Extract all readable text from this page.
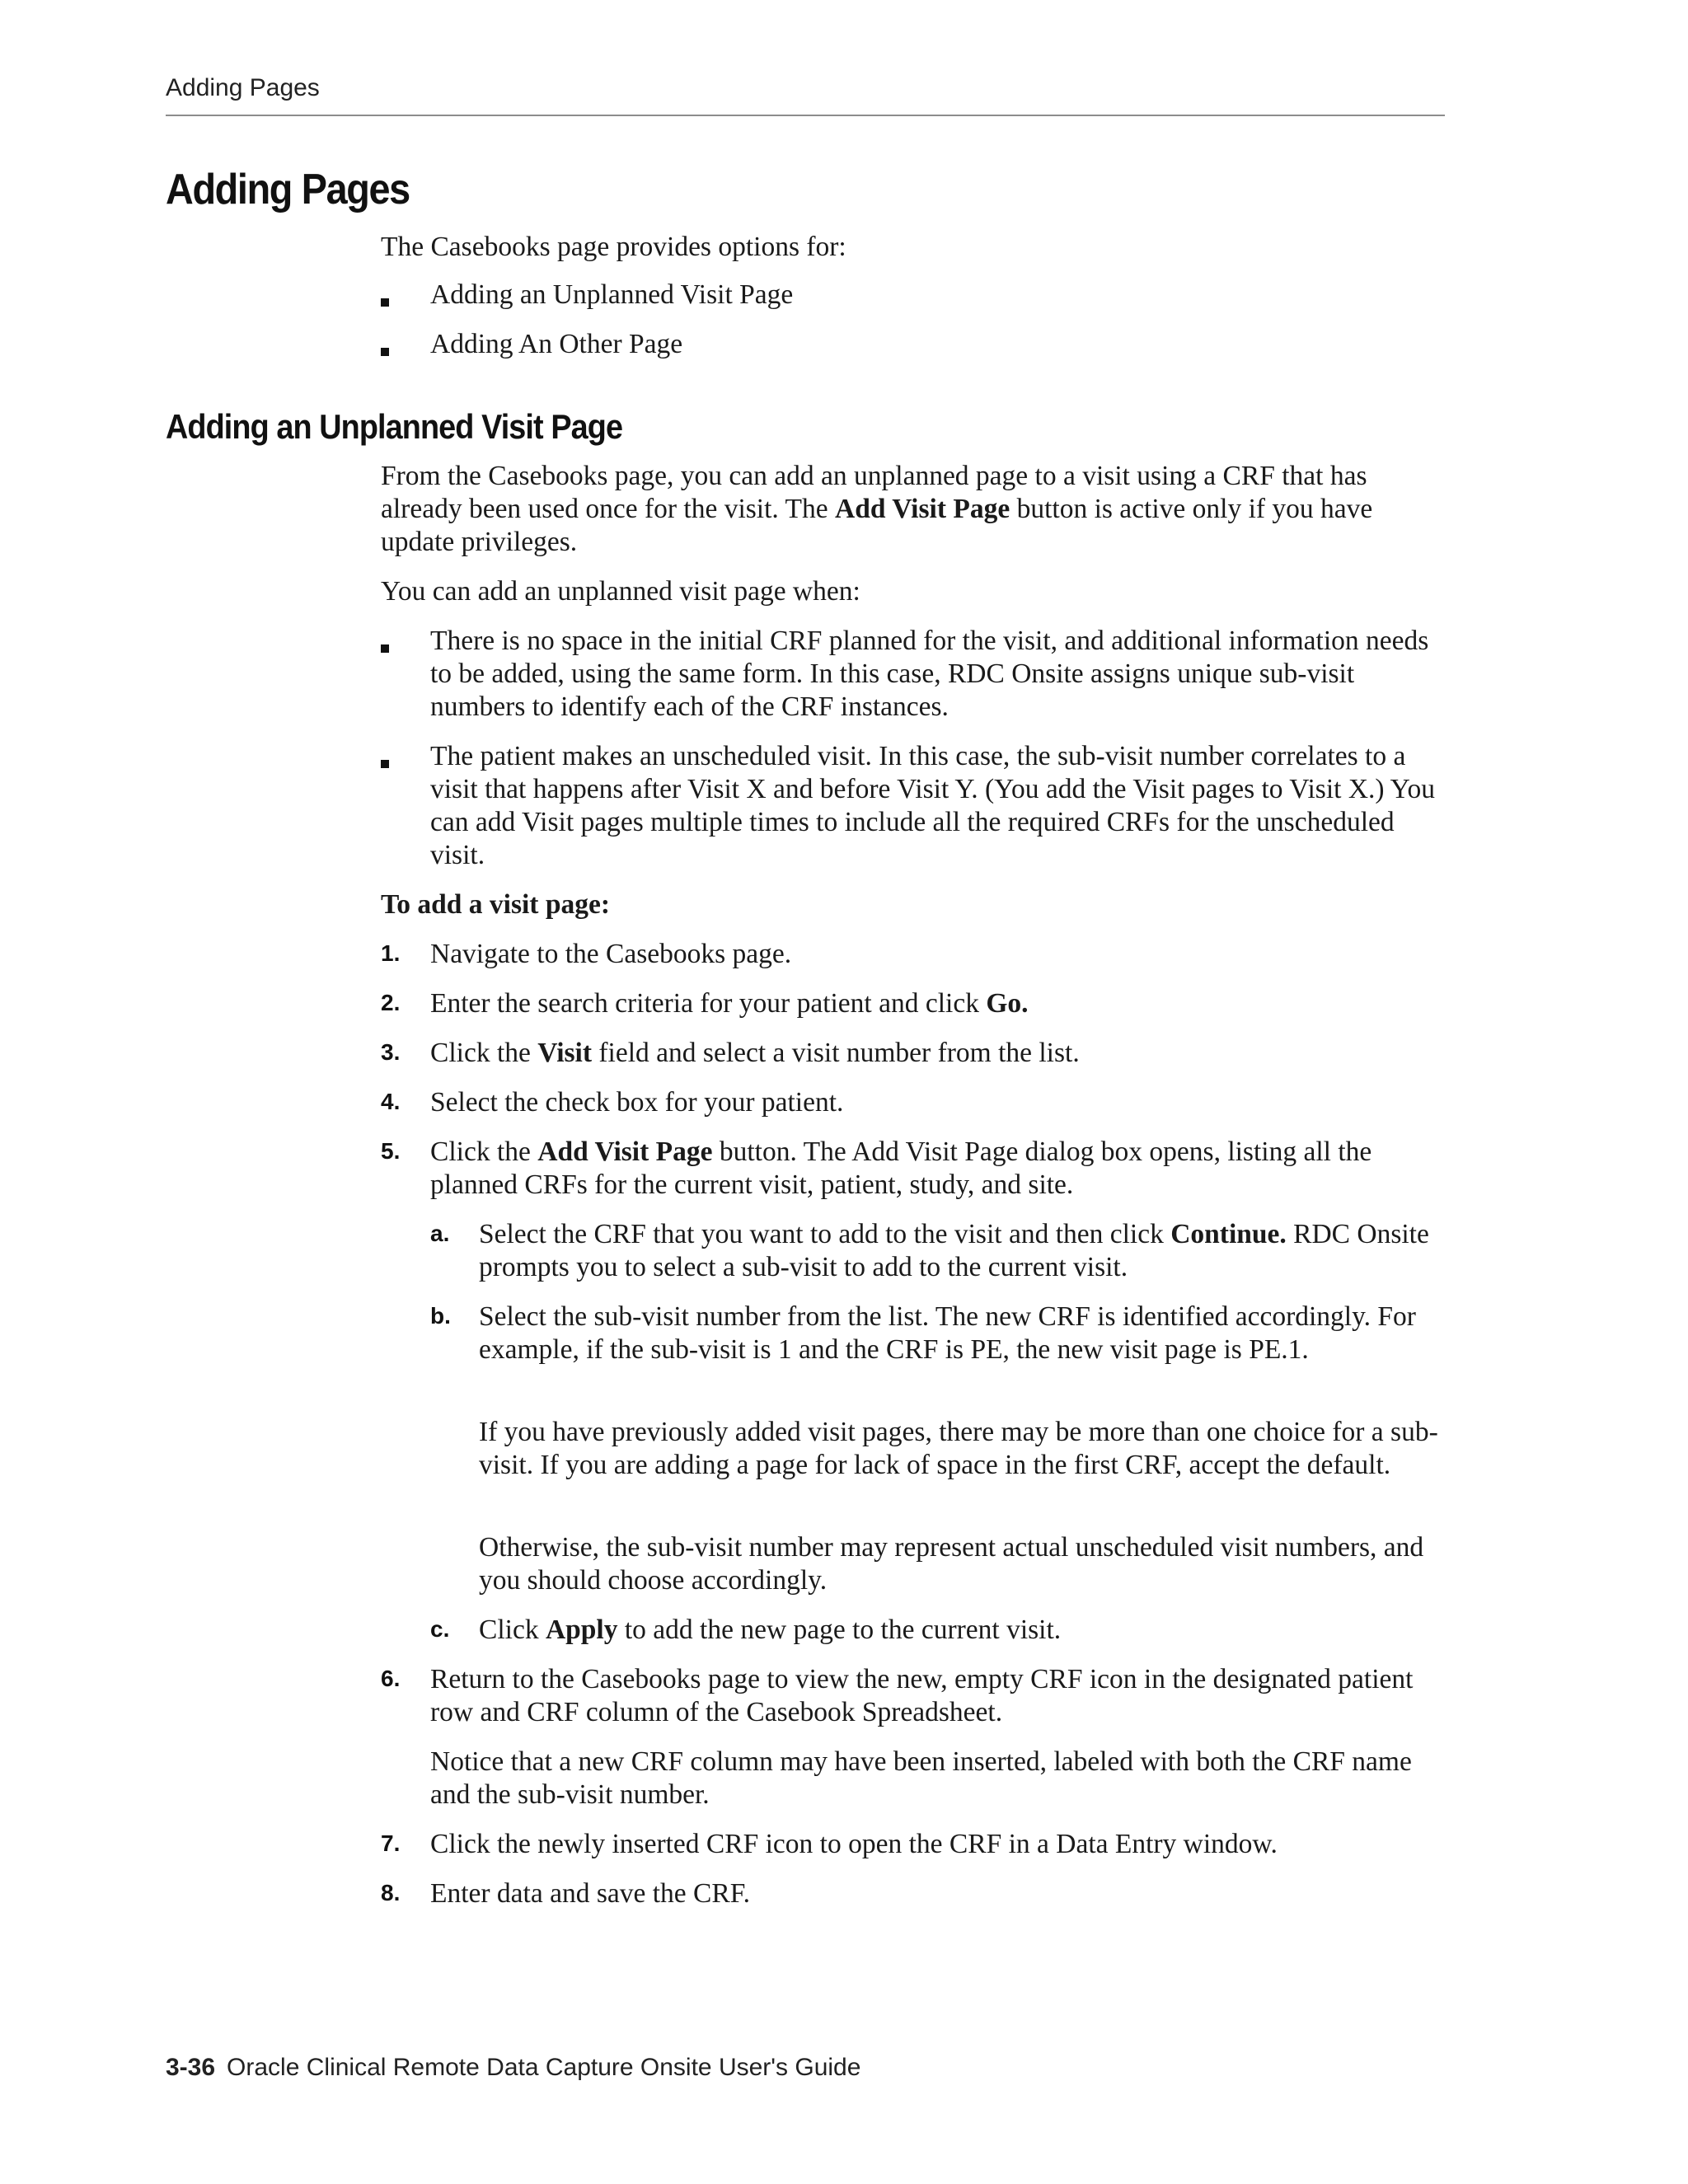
Adding Pages
Adding Pages

The Casebooks page provides options for:

Adding an Unplanned Visit Page
Adding An Other Page
Adding an Unplanned Visit Page

From the Casebooks page, you can add an unplanned page to a visit using a CRF that has already been used once for the visit. The Add Visit Page button is active only if you have update privileges.

You can add an unplanned visit page when:

There is no space in the initial CRF planned for the visit, and additional information needs to be added, using the same form. In this case, RDC Onsite assigns unique sub-visit numbers to identify each of the CRF instances.

The patient makes an unscheduled visit. In this case, the sub-visit number correlates to a visit that happens after Visit X and before Visit Y. (You add the Visit pages to Visit X.) You can add Visit pages multiple times to include all the required CRFs for the unscheduled visit.

To add a visit page:

1. Navigate to the Casebooks page.

2. Enter the search criteria for your patient and click Go.

3. Click the Visit field and select a visit number from the list.

4. Select the check box for your patient.

5. Click the Add Visit Page button. The Add Visit Page dialog box opens, listing all the planned CRFs for the current visit, patient, study, and site.

a. Select the CRF that you want to add to the visit and then click Continue. RDC Onsite prompts you to select a sub-visit to add to the current visit.

b. Select the sub-visit number from the list. The new CRF is identified accordingly. For example, if the sub-visit is 1 and the CRF is PE, the new visit page is PE.1.

If you have previously added visit pages, there may be more than one choice for a sub-visit. If you are adding a page for lack of space in the first CRF, accept the default.

Otherwise, the sub-visit number may represent actual unscheduled visit numbers, and you should choose accordingly.

c. Click Apply to add the new page to the current visit.

6. Return to the Casebooks page to view the new, empty CRF icon in the designated patient row and CRF column of the Casebook Spreadsheet.

Notice that a new CRF column may have been inserted, labeled with both the CRF name and the sub-visit number.

7. Click the newly inserted CRF icon to open the CRF in a Data Entry window.

8. Enter data and save the CRF.

3-36 Oracle Clinical Remote Data Capture Onsite User's Guide
